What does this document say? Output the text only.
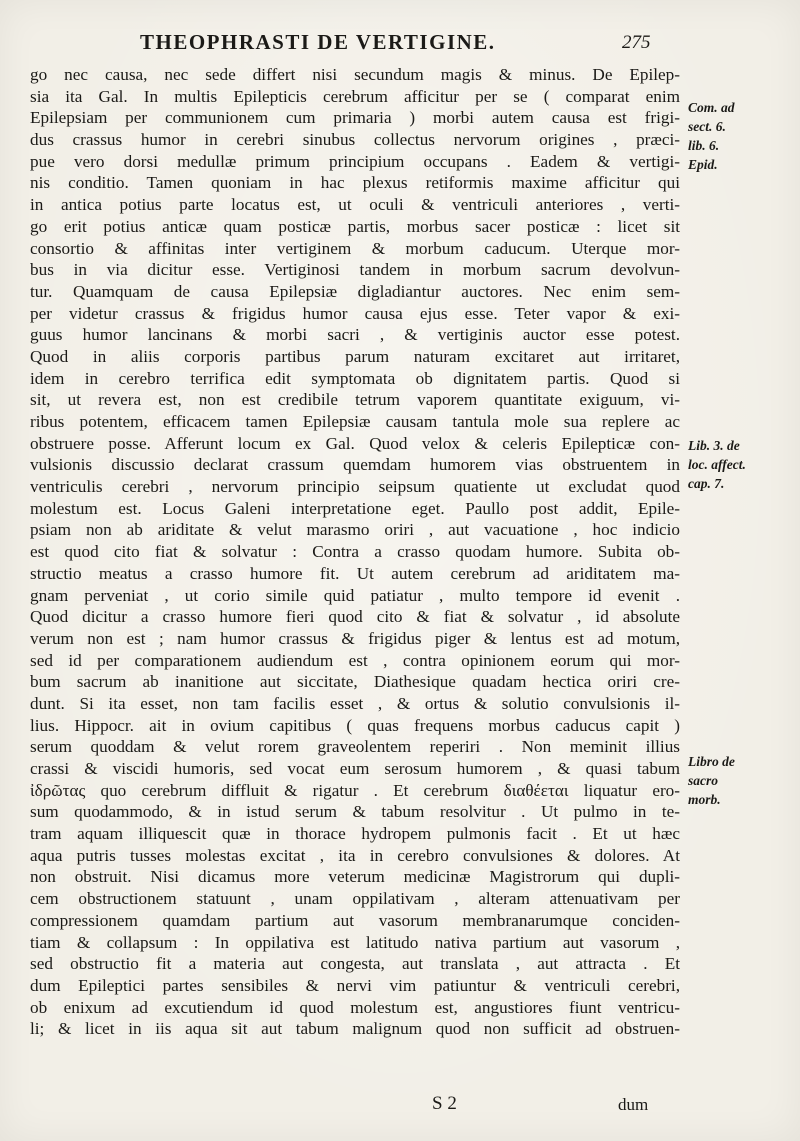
THEOPHRASTI DE VERTIGINE.	275
go nec causa, nec sede differt nisi secundum magis & minus. De Epilep-
sia ita Gal. In multis Epilepticis cerebrum afficitur per se ( comparat enim
Epilepsiam per communionem cum primaria ) morbi autem causa est frigi-
dus crassus humor in cerebri sinubus collectus nervorum origines , præci-
pue vero dorsi medullæ primum principium occupans . Eadem & vertigi-
nis conditio. Tamen quoniam in hac plexus retiformis maxime afficitur qui
in antica potius parte locatus est, ut oculi & ventriculi anteriores , verti-
go erit potius anticæ quam posticæ partis, morbus sacer posticæ : licet sit
consortio & affinitas inter vertiginem & morbum caducum. Uterque mor-
bus in via dicitur esse. Vertiginosi tandem in morbum sacrum devolvun-
tur. Quamquam de causa Epilepsiæ digladiantur auctores. Nec enim sem-
per videtur crassus & frigidus humor causa ejus esse. Teter vapor & exi-
guus humor lancinans & morbi sacri , & vertiginis auctor esse potest.
Quod in aliis corporis partibus parum naturam excitaret aut irritaret,
idem in cerebro terrifica edit symptomata ob dignitatem partis. Quod si
sit, ut revera est, non est credibile tetrum vaporem quantitate exiguum, vi-
ribus potentem, efficacem tamen Epilepsiæ causam tantula mole sua replere ac
obstruere posse. Afferunt locum ex Gal. Quod velox & celeris Epilepticæ con-
vulsionis discussio declarat crassum quemdam humorem vias obstruentem in
ventriculis cerebri , nervorum principio seipsum quatiente ut excludat quod
molestum est. Locus Galeni interpretatione eget. Paullo post addit, Epile-
psiam non ab ariditate & velut marasmo oriri , aut vacuatione , hoc indicio
est quod cito fiat & solvatur : Contra a crasso quodam humore. Subita ob-
structio meatus a crasso humore fit. Ut autem cerebrum ad ariditatem ma-
gnam perveniat , ut corio simile quid patiatur , multo tempore id evenit .
Quod dicitur a crasso humore fieri quod cito & fiat & solvatur , id absolute
verum non est ; nam humor crassus & frigidus piger & lentus est ad motum,
sed id per comparationem audiendum est , contra opinionem eorum qui mor-
bum sacrum ab inanitione aut siccitate, Diathesique quadam hectica oriri cre-
dunt. Si ita esset, non tam facilis esset , & ortus & solutio convulsionis il-
lius. Hippocr. ait in ovium capitibus ( quas frequens morbus caducus capit )
serum quoddam & velut rorem graveolentem reperiri . Non meminit illius
crassi & viscidi humoris, sed vocat eum serosum humorem , & quasi tabum
ἰδρῶτας quo cerebrum diffluit & rigatur . Et cerebrum διαθέεται liquatur ero-
sum quodammodo, & in istud serum & tabum resolvitur . Ut pulmo in te-
tram aquam illiquescit quæ in thorace hydropem pulmonis facit . Et ut hæc
aqua putris tusses molestas excitat , ita in cerebro convulsiones & dolores. At
non obstruit. Nisi dicamus more veterum medicinæ Magistrorum qui dupli-
cem obstructionem statuunt , unam oppilativam , alteram attenuativam per
compressionem quamdam partium aut vasorum membranarumque conciden-
tiam & collapsum : In oppilativa est latitudo nativa partium aut vasorum ,
sed obstructio fit a materia aut congesta, aut translata , aut attracta . Et
dum Epileptici partes sensibiles & nervi vim patiuntur & ventriculi cerebri,
ob enixum ad excutiendum id quod molestum est, angustiores fiunt ventricu-
li; & licet in iis aqua sit aut tabum malignum quod non sufficit ad obstruen-
Com. ad
sect. 6.
lib. 6.
Epid.
Lib. 3. de
loc. affect.
cap. 7.
Libro de
sacro
morb.
S 2	dum
